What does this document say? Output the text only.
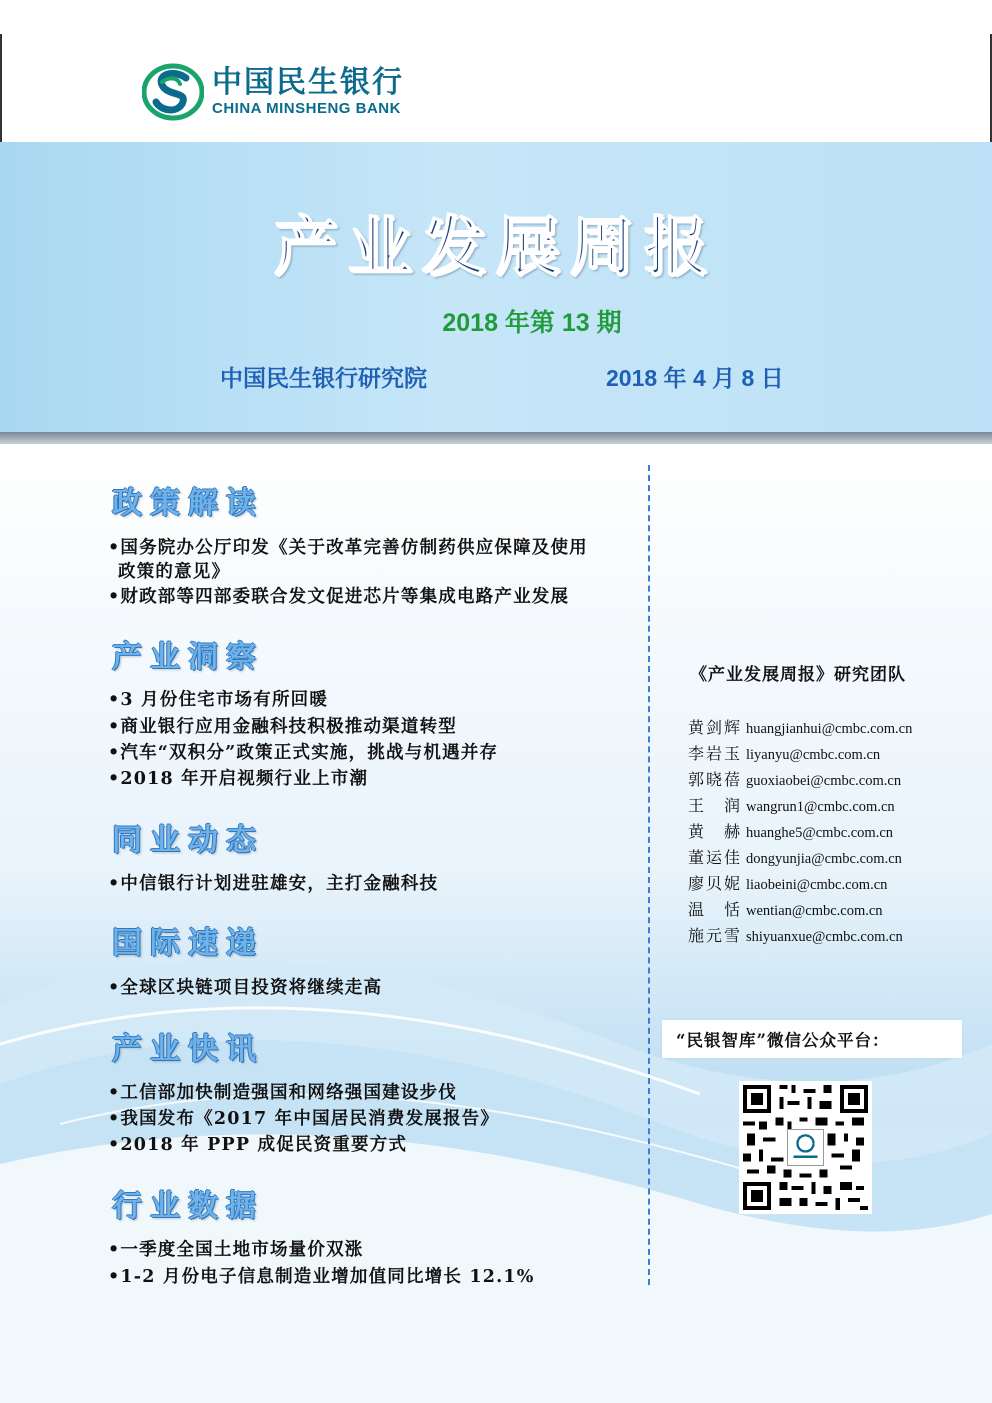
中国民生银行
CHINA MINSHENG BANK
产业发展周报
2018 年第 13 期
中国民生银行研究院	2018 年 4 月 8 日
政策解读
•国务院办公厅印发《关于改革完善仿制药供应保障及使用
政策的意见》
•财政部等四部委联合发文促进芯片等集成电路产业发展
产业洞察
•3 月份住宅市场有所回暖
•商业银行应用金融科技积极推动渠道转型
•汽车“双积分”政策正式实施，挑战与机遇并存
•2018 年开启视频行业上市潮
同业动态
•中信银行计划进驻雄安，主打金融科技
国际速递
•全球区块链项目投资将继续走高
产业快讯
•工信部加快制造强国和网络强国建设步伐
•我国发布《2017 年中国居民消费发展报告》
•2018 年 PPP 成促民资重要方式
行业数据
•一季度全国土地市场量价双涨
•1-2 月份电子信息制造业增加值同比增长 12.1%
《产业发展周报》研究团队
黄剑辉 huangjianhui@cmbc.com.cn
李岩玉 liyanyu@cmbc.com.cn
郭晓蓓 guoxiaobei@cmbc.com.cn
王　润 wangrun1@cmbc.com.cn
黄　赫 huanghe5@cmbc.com.cn
董运佳 dongyunjia@cmbc.com.cn
廖贝妮 liaobeini@cmbc.com.cn
温　恬 wentian@cmbc.com.cn
施元雪 shiyuanxue@cmbc.com.cn
“民银智库”微信公众平台：
